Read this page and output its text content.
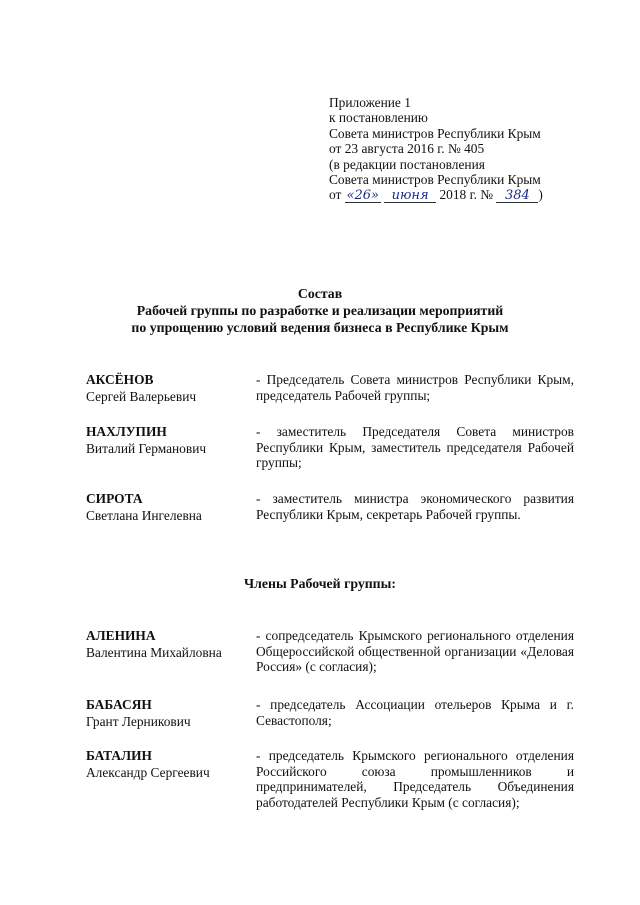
Приложение 1
к постановлению
Совета министров Республики Крым
от 23 августа 2016 г. № 405
(в редакции постановления
Совета министров Республики Крым
от «26» июня 2018 г. № 384 )
Состав
Рабочей группы по разработке и реализации мероприятий
по упрощению условий ведения бизнеса в Республике Крым
АКСЁНОВ
Сергей Валерьевич
- Председатель Совета министров Республики Крым, председатель Рабочей группы;
НАХЛУПИН
Виталий Германович
- заместитель Председателя Совета министров Республики Крым, заместитель председателя Рабочей группы;
СИРОТА
Светлана Ингелевна
- заместитель министра экономического развития Республики Крым, секретарь Рабочей группы.
Члены Рабочей группы:
АЛЕНИНА
Валентина Михайловна
- сопредседатель Крымского регионального отделения Общероссийской общественной организации «Деловая Россия» (с согласия);
БАБАСЯН
Грант Лерникович
- председатель Ассоциации отельеров Крыма и г. Севастополя;
БАТАЛИН
Александр Сергеевич
- председатель Крымского регионального отделения Российского союза промышленников и предпринимателей, Председатель Объединения работодателей Республики Крым (с согласия);
